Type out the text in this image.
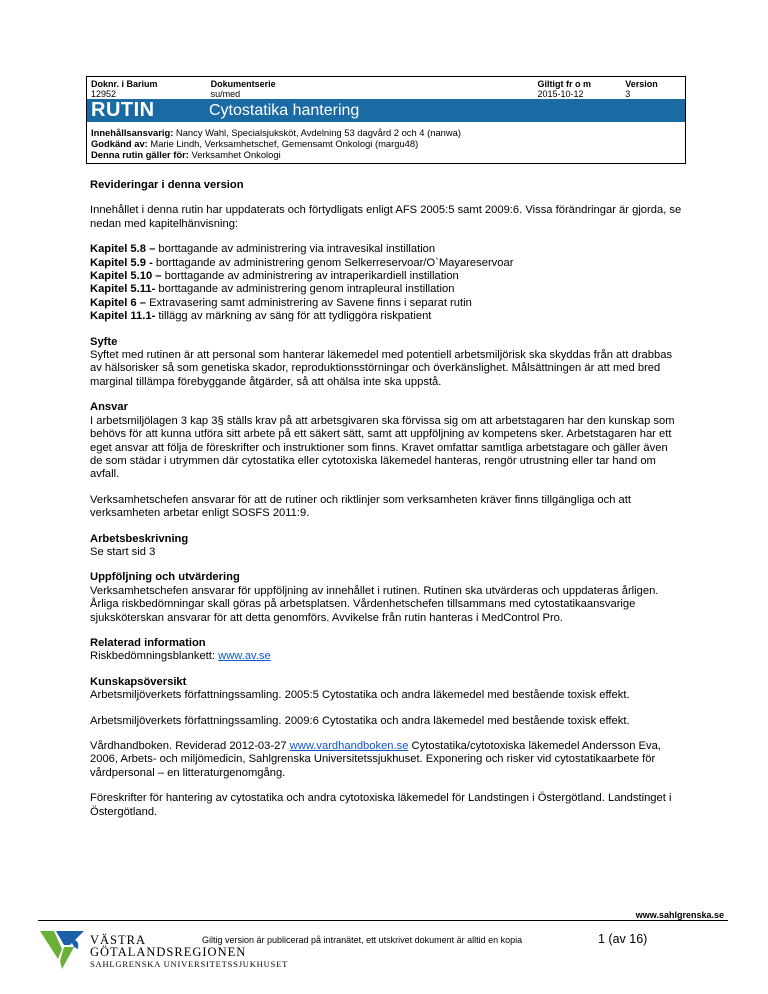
Doknr. i Barium
12952
Dokumentserie
su/med
Giltigt fr o m
2015-10-12
Version
3
RUTIN	Cytostatika hantering
Innehållsansvarig: Nancy Wahl, Specialsjuksköt, Avdelning 53 dagvård 2 och 4 (nanwa)
Godkänd av: Marie Lindh, Verksamhetschef, Gemensamt Onkologi (margu48)
Denna rutin gäller för: Verksamhet Onkologi

Revideringar i denna version

Innehållet i denna rutin har uppdaterats och förtydligats enligt AFS 2005:5 samt 2009:6. Vissa förändringar är gjorda, se nedan med kapitelhänvisning:

Kapitel 5.8 – borttagande av administrering via intravesikal instillation
Kapitel 5.9 - borttagande av administrering genom Selkerreservoar/O`Mayareservoar
Kapitel 5.10 – borttagande av administrering av intraperikardiell instillation
Kapitel 5.11- borttagande av administrering genom intrapleural instillation
Kapitel 6 – Extravasering samt administrering av Savene finns i separat rutin
Kapitel 11.1- tillägg av märkning av säng för att tydliggöra riskpatient

Syfte

Syftet med rutinen är att personal som hanterar läkemedel med potentiell arbetsmiljörisk ska skyddas från att drabbas av hälsorisker så som genetiska skador, reproduktionsstörningar och överkänslighet. Målsättningen är att med bred marginal tillämpa förebyggande åtgärder, så att ohälsa inte ska uppstå.

Ansvar

I arbetsmiljölagen 3 kap 3§ ställs krav på att arbetsgivaren ska förvissa sig om att arbetstagaren har den kunskap som behövs för att kunna utföra sitt arbete på ett säkert sätt, samt att uppföljning av kompetens sker. Arbetstagaren har ett eget ansvar att följa de föreskrifter och instruktioner som finns. Kravet omfattar samtliga arbetstagare och gäller även de som städar i utrymmen där cytostatika eller cytotoxiska läkemedel hanteras, rengör utrustning eller tar hand om avfall.

Verksamhetschefen ansvarar för att de rutiner och riktlinjer som verksamheten kräver finns tillgängliga och att verksamheten arbetar enligt SOSFS 2011:9.

Arbetsbeskrivning

Se start sid 3

Uppföljning och utvärdering

Verksamhetschefen ansvarar för uppföljning av innehållet i rutinen. Rutinen ska utvärderas och uppdateras årligen. Årliga riskbedömningar skall göras på arbetsplatsen. Vårdenhetschefen tillsammans med cytostatikaansvarige sjuksköterskan ansvarar för att detta genomförs. Avvikelse från rutin hanteras i MedControl Pro.

Relaterad information

Riskbedömningsblankett: www.av.se

Kunskapsöversikt

Arbetsmiljöverkets författningssamling. 2005:5 Cytostatika och andra läkemedel med bestående toxisk effekt.

Arbetsmiljöverkets författningssamling. 2009:6 Cytostatika och andra läkemedel med bestående toxisk effekt.

Vårdhandboken. Reviderad 2012-03-27 www.vardhandboken.se Cytostatika/cytotoxiska läkemedel Andersson Eva, 2006, Arbets- och miljömedicin, Sahlgrenska Universitetssjukhuset. Exponering och risker vid cytostatikaarbete för vårdpersonal – en litteraturgenomgång.

Föreskrifter för hantering av cytostatika och andra cytotoxiska läkemedel för Landstingen i Östergötland. Landstinget i Östergötland.

www.sahlgrenska.se
Giltig version är publicerad på intranätet, ett utskrivet dokument är alltid en kopia	1 (av 16)
VÄSTRA
GÖTALANDSREGIONEN
SAHLGRENSKA UNIVERSITETSSJUKHUSET
